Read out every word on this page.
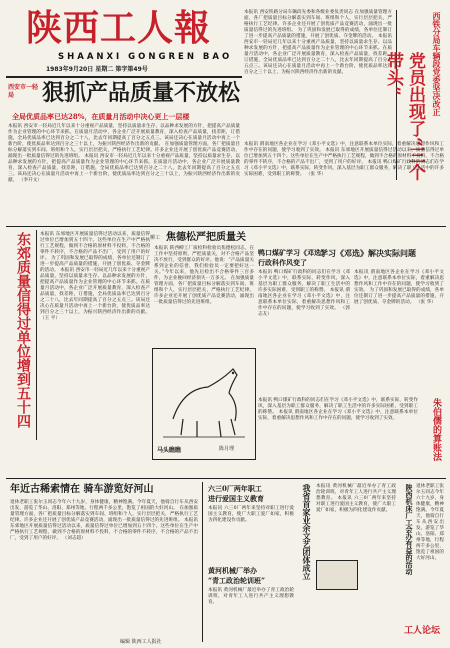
陕西工人報
SHAANXI GONGREN BAO
1983年9月20日 星期二 第字第49号
本报讯 西安铁路分局车辆段先委和各级业委负责同志 在加强质量管理方面，各厂把质量目标分解落实到车间、班组和个人，实行层层把关，严格执行工艺纪律。许多企业还开展了创优质产品竞赛活动，涌现出一批质量信得过的先进班组。 为了巩固和发展已取得的成绩，各单位还制订了进一步提高产品质量的措施，开展了创优质、夺金牌的活动。 本报讯 西安市一轻局近几年以来十分重视产品质量，坚持以质量求生存、以品种求发展的方针，把提高产品质量作为企业管理的中心环节来抓。在质量月活动中，各企业广泛开展质量教育，深入检查产品质量，找差距，订措施，全局优质品率已达到百分之二十八，比去年同期提高了百分之五点三。该局还决心在质量月活动中再上一个新台阶，使优质品率达到百分之三十以上，为振兴陕西经济作出新的贡献。	西铁分局车辆段党委坚决改正
党员出现了“三个带头”
西安市一轻局	狠抓产品质量不放松
全局优质品率已达28%，在质量月活动中决心更上一层楼
本报讯 西安市一轻局近几年以来十分重视产品质量，坚持以质量求生存、以品种求发展的方针，把提高产品质量作为企业管理的中心环节来抓。在质量月活动中，各企业广泛开展质量教育，深入检查产品质量，找差距，订措施，全局优质品率已达到百分之二十八，比去年同期提高了百分之五点三。该局还决心在质量月活动中再上一个新台阶，使优质品率达到百分之三十以上，为振兴陕西经济作出新的贡献。 在加强质量管理方面，各厂把质量目标分解落实到车间、班组和个人，实行层层把关，严格执行工艺纪律。许多企业还开展了创优质产品竞赛活动，涌现出一批质量信得过的先进班组。 本报讯 西安市一轻局近几年以来十分重视产品质量，坚持以质量求生存、以品种求发展的方针，把提高产品质量作为企业管理的中心环节来抓。在质量月活动中，各企业广泛开展质量教育，深入检查产品质量，找差距，订措施，全局优质品率已达到百分之二十八，比去年同期提高了百分之五点三。该局还决心在质量月活动中再上一个新台阶，使优质品率达到百分之三十以上，为振兴陕西经济作出新的贡献。 （李开文）
本报讯 渭南地区各企业在学习《邓小平文选》中，注意联系本单位实际，着重解决思想作风和工作中存在的问题，使学习收到了实效。 本报讯 东郊地区开展质量信得过活动以来，质量信得过单位已增加到五十四个。这些单位在生产中严格执行工艺规程，做到不合格的原材料不投料，不合格的零件不转序，不合格的产品不出厂，受到了用户的好评。 本报讯 鸭口煤矿行政科的同志们在学习《邓小平文选》中，联系实际，转变作风，深入基层为职工群众服务，解决了职工生活中的许多实际困难，受到职工的称赞。 （张 华）
东郊质量信得过单位增到五十四 本报讯 东郊地区开展质量信得过活动以来，质量信得过单位已增加到五十四个。这些单位在生产中严格执行工艺规程，做到不合格的原材料不投料，不合格的零件不转序，不合格的产品不出厂，受到了用户的好评。 为了巩固和发展已取得的成绩，各单位还制订了进一步提高产品质量的措施，开展了创优质、夺金牌的活动。 本报讯 西安市一轻局近几年以来十分重视产品质量，坚持以质量求生存、以品种求发展的方针，把提高产品质量作为企业管理的中心环节来抓。在质量月活动中，各企业广泛开展质量教育，深入检查产品质量，找差距，订措施，全局优质品率已达到百分之二十八，比去年同期提高了百分之五点三。该局还决心在质量月活动中再上一个新台阶，使优质品率达到百分之三十以上，为振兴陕西经济作出新的贡献。 （王 平）
柳工 焦德松严把质量关
本报讯 陕西柳工厂质检科检验员焦德松同志，在工作中坚持原则，严把质量关，对不合格产品坚决不放行，受到群众的好评。他说：“产品质量关系到企业的信誉，我们检验员一定要把好这一关。”今年以来，他先后检出不合格零件三百多件，为企业挽回经济损失一万多元。 在加强质量管理方面，各厂把质量目标分解落实到车间、班组和个人，实行层层把关，严格执行工艺纪律。许多企业还开展了创优质产品竞赛活动，涌现出一批质量信得过的先进班组。
鸭口煤矿学习《邓选》
行政科作风变了
学习《邓选》解决实际问题
本报讯 鸭口煤矿行政科的同志们在学习《邓小平文选》中，联系实际，转变作风，深入基层为职工群众服务，解决了职工生活中的许多实际困难，受到职工的称赞。 本报讯 渭南地区各企业在学习《邓小平文选》中，注意联系本单位实际，着重解决思想作风和工作中存在的问题，使学习收到了实效。 （郭志友）
本报讯 渭南地区各企业在学习《邓小平文选》中，注意联系本单位实际，着重解决思想作风和工作中存在的问题，使学习收到了实效。 为了巩固和发展已取得的成绩，各单位还制订了进一步提高产品质量的措施，开展了创优质、夺金牌的活动。 （张 华）
马头瞧瞧	陈月理	朱伯儒的算账法
本报讯 鸭口煤矿行政科的同志们在学习《邓小平文选》中，联系实际，转变作风，深入基层为职工群众服务，解决了职工生活中的许多实际困难，受到职工的称赞。 本报讯 渭南地区各企业在学习《邓小平文选》中，注意联系本单位实际，着重解决思想作风和工作中存在的问题，使学习收到了实效。
年近古稀索情在 骑车游览好河山
退休老职工张尔玉同志今年六十九岁，身体健康，精神饱满。今年夏天，他骑自行车从西安出发，游览了华山、洛阳、郑州等地，行程两千多公里，饱览了祖国的大好河山。 在加强质量管理方面，各厂把质量目标分解落实到车间、班组和个人，实行层层把关，严格执行工艺纪律。许多企业还开展了创优质产品竞赛活动，涌现出一批质量信得过的先进班组。 本报讯 东郊地区开展质量信得过活动以来，质量信得过单位已增加到五十四个。这些单位在生产中严格执行工艺规程，做到不合格的原材料不投料，不合格的零件不转序，不合格的产品不出厂，受到了用户的好评。 （刘志超）
六三0厂两年职工
进行爱国主义教育
本报讯 六三0厂两年来坚持对职工进行爱国主义教育，使广大职工爱厂如家，积极为四化建设作贡献。
黄河机械厂举办
“青工政治轮训班”
本报讯 黄河机械厂最近举办了青工政治轮训班，对青年工人进行共产主义理想教育。
我省首家业余文艺团体成立 本报讯 黄河机械厂最近举办了青工政治轮训班，对青年工人进行共产主义理想教育。 本报讯 六三0厂两年来坚持对职工进行爱国主义教育，使广大职工爱厂如家，积极为四化建设作贡献。	陕西机床厂工会办有益的活动 退休老职工张尔玉同志今年六十九岁，身体健康，精神饱满。今年夏天，他骑自行车从西安出发，游览了华山、洛阳、郑州等地，行程两千多公里，饱览了祖国的大好河山。
工人论坛
编辑 陕西工人报社
